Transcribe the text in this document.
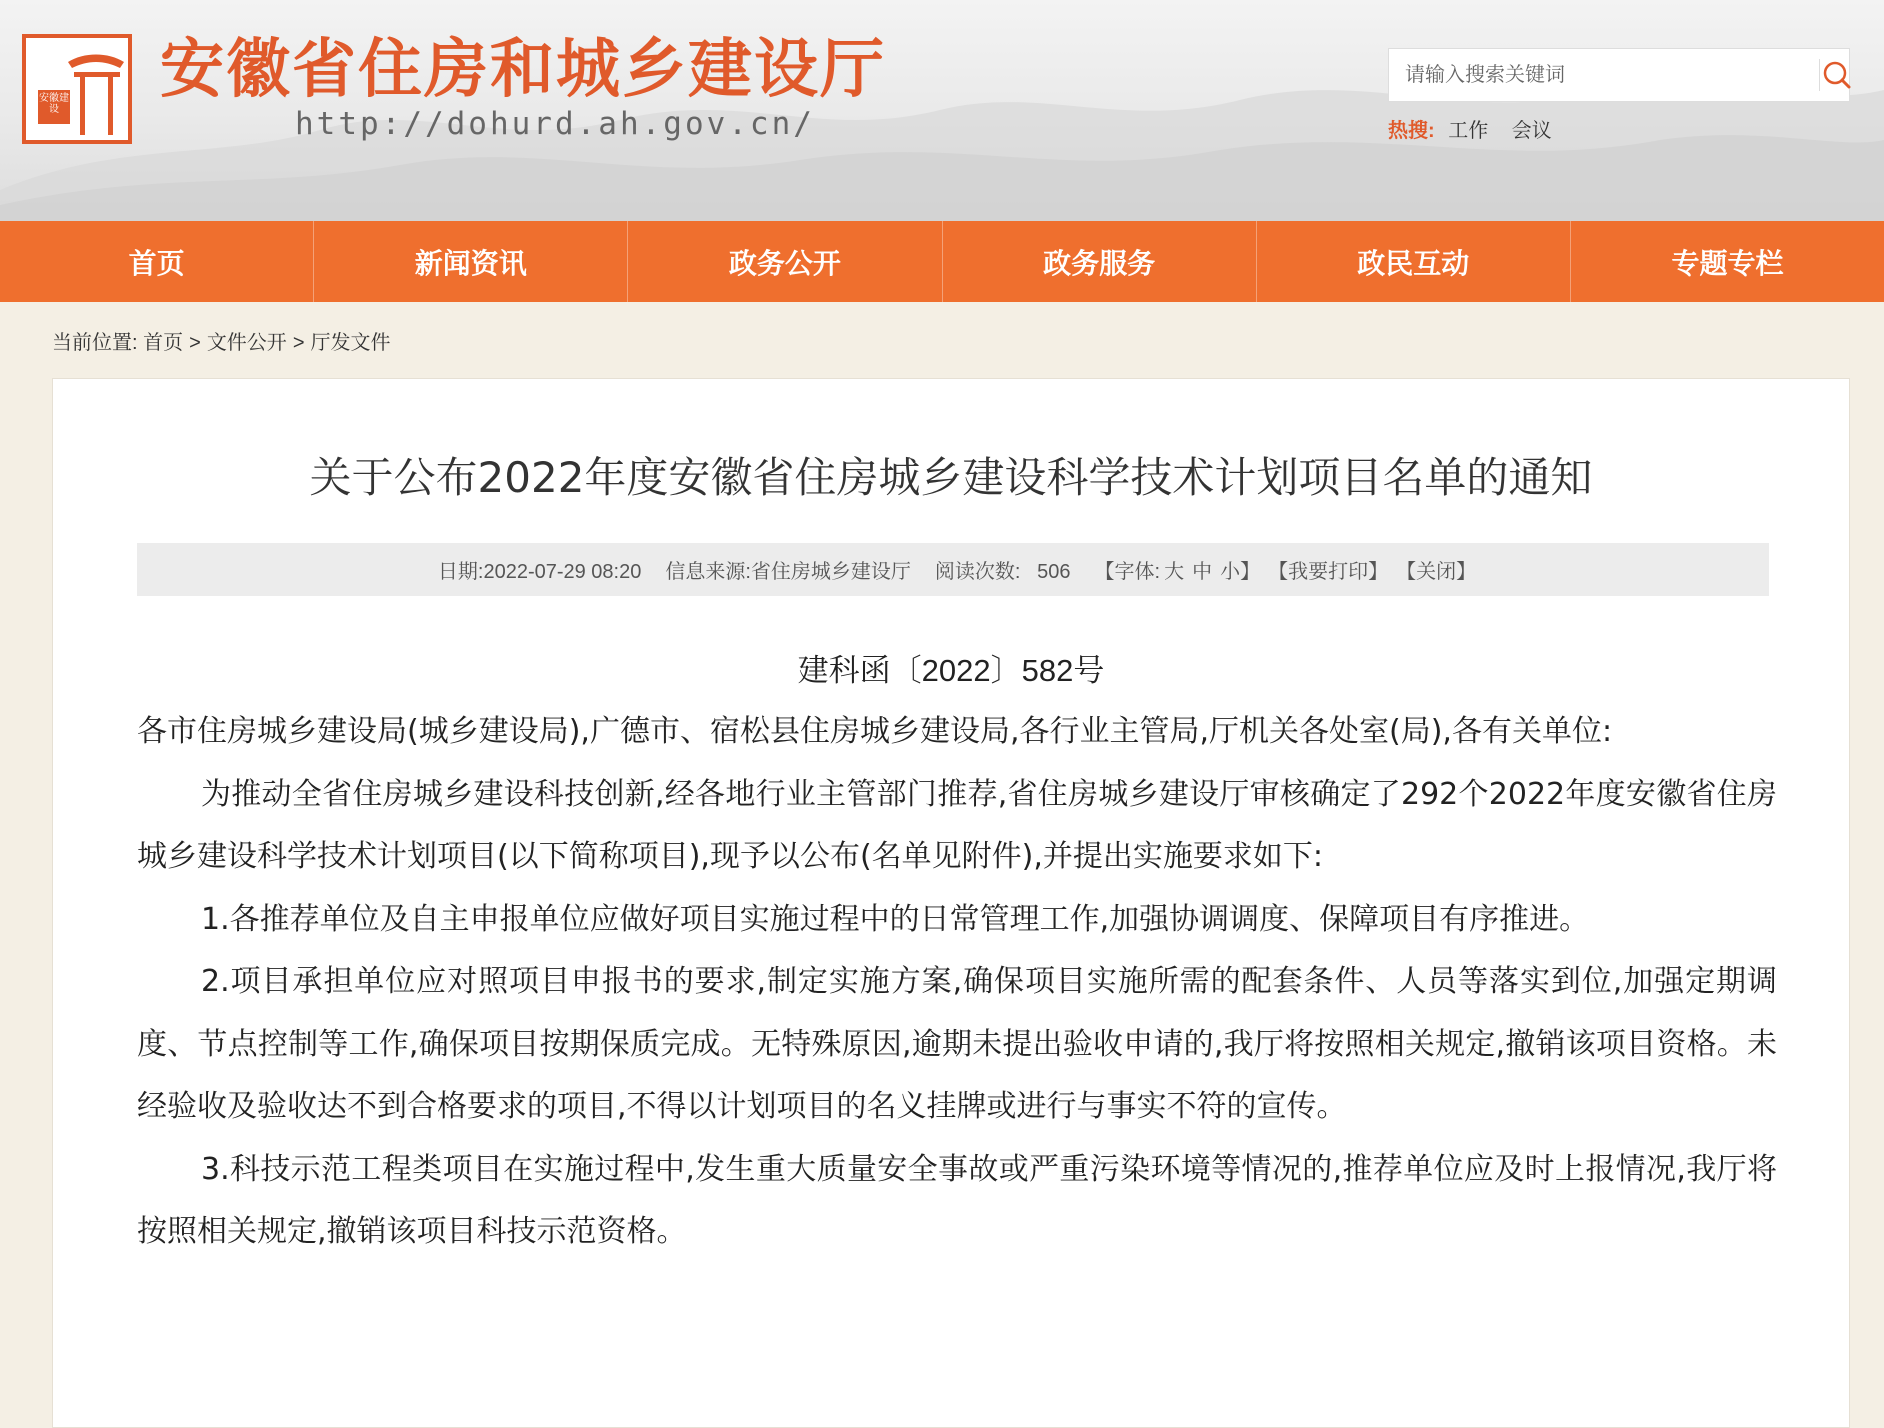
安徽建设
安徽省住房和城乡建设厅
http://dohurd.ah.gov.cn/
请输入搜索关键词	热搜: 工作 会议
首页	新闻资讯	政务公开	政务服务	政民互动	专题专栏
当前位置: 首页 > 文件公开 > 厅发文件
关于公布2022年度安徽省住房城乡建设科学技术计划项目名单的通知
日期:2022-07-29 08:20 信息来源:省住房城乡建设厅 阅读次数: 506 【字体: 大 中 小】 【我要打印】 【关闭】
建科函〔2022〕582号

各市住房城乡建设局(城乡建设局),广德市、宿松县住房城乡建设局,各行业主管局,厅机关各处室(局),各有关单位:

为推动全省住房城乡建设科技创新,经各地行业主管部门推荐,省住房城乡建设厅审核确定了292个2022年度安徽省住房城乡建设科学技术计划项目(以下简称项目),现予以公布(名单见附件),并提出实施要求如下:

1.各推荐单位及自主申报单位应做好项目实施过程中的日常管理工作,加强协调调度、保障项目有序推进。

2.项目承担单位应对照项目申报书的要求,制定实施方案,确保项目实施所需的配套条件、人员等落实到位,加强定期调度、节点控制等工作,确保项目按期保质完成。无特殊原因,逾期未提出验收申请的,我厅将按照相关规定,撤销该项目资格。未经验收及验收达不到合格要求的项目,不得以计划项目的名义挂牌或进行与事实不符的宣传。

3.科技示范工程类项目在实施过程中,发生重大质量安全事故或严重污染环境等情况的,推荐单位应及时上报情况,我厅将按照相关规定,撤销该项目科技示范资格。
